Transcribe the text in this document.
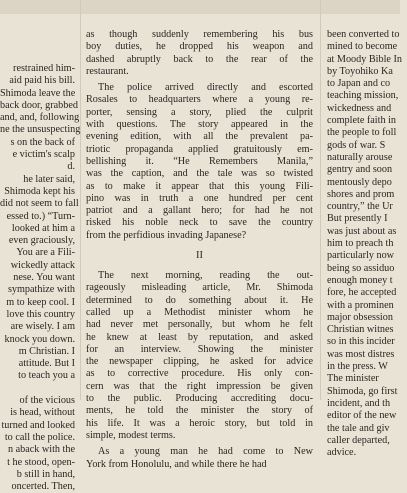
restrained him-
aid paid his bill.
Shimoda leave the
back door, grabbed
and, and, following
ne the unsuspecting
s on the back of
e victim's scalp
d.
he later said,
Shimoda kept his
did not seem to fall
essed to.) “Turn-
looked at him a
even graciously,
You are a Fili-
wickedly attack
nese. You want
sympathize with
m to keep cool. I
love this country
are wisely. I am
knock you down.
m Christian. I
attitude. But I
to teach you a
of the vicious
is head, without
turned and looked
to call the police.
n aback with the
t he stood, open-
b still in hand,
oncerted. Then,
as though suddenly remembering his bus
boy duties, he dropped his weapon and
dashed abruptly back to the rear of the
restaurant.
The police arrived directly and escorted
Rosales to headquarters where a young re-
porter, sensing a story, plied the culprit
with questions. The story appeared in the
evening edition, with all the prevalent pa-
triotic propaganda applied gratuitously em-
bellishing it. “He Remembers Manila,”
was the caption, and the tale was so twisted
as to make it appear that this young Fili-
pino was in truth a one hundred per cent
patriot and a gallant hero; for had he not
risked his noble neck to save the country
from the perfidious invading Japanese?
II
The next morning, reading the out-
rageously misleading article, Mr. Shimoda
determined to do something about it. He
called up a Methodist minister whom he
had never met personally, but whom he felt
he knew at least by reputation, and asked
for an interview. Showing the minister
the newspaper clipping, he asked for advice
as to corrective procedure. His only con-
cern was that the right impression be given
to the public. Producing accrediting docu-
ments, he told the minister the story of
his life. It was a heroic story, but told in
simple, modest terms.
As a young man he had come to New
York from Honolulu, and while there he had
been converted to
mined to become
at Moody Bible In
by Toyohiko Ka
to Japan and co
teaching mission,
wickedness and
complete faith in
the people to foll
gods of war. S
naturally arouse
gentry and soon
mentously depo
shores and prom
country,” the Ur
But presently I
was just about as
him to preach th
particularly now
being so assiduo
enough money t
fore, he accepted
with a prominen
major obsession
Christian witnes
so in this incider
was most distres
in the press. W
The minister
Shimoda, go first
incident, and th
editor of the new
the tale and giv
caller departed,
advice.
